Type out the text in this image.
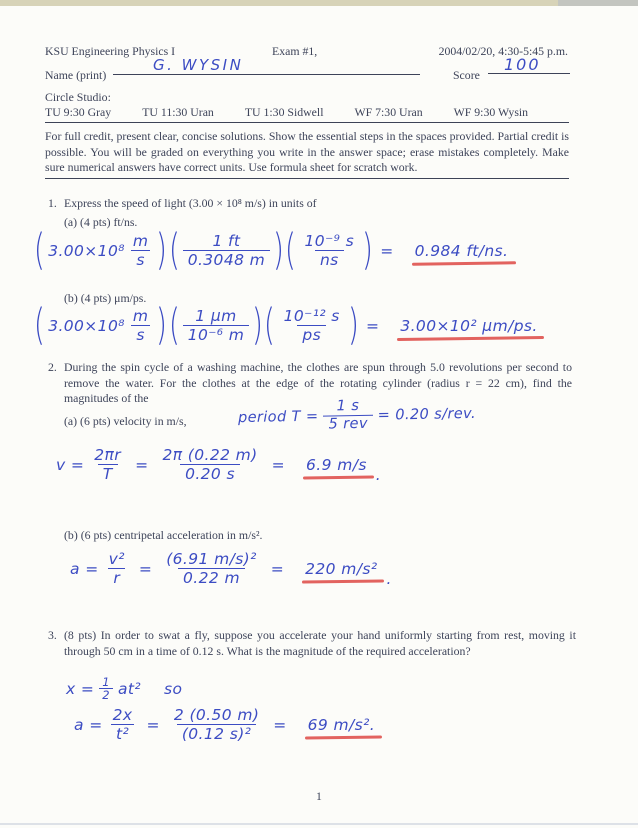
KSU Engineering Physics I	Exam #1,	2004/02/20, 4:30-5:45 p.m.
Name (print)
G. WYSIN
Score
100
Circle Studio:
TU 9:30 Gray	TU 11:30 Uran	TU 1:30 Sidwell	WF 7:30 Uran	WF 9:30 Wysin
For full credit, present clear, concise solutions. Show the essential steps in the spaces provided. Partial credit is possible. You will be graded on everything you write in the answer space; erase mistakes completely. Make sure numerical answers have correct units. Use formula sheet for scratch work.
1. Express the speed of light (3.00 × 10⁸ m/s) in units of
(a) (4 pts) ft/ns.
( $3.00\times 10^8 \frac{m}{s}$ ) ( $\frac{1 ft}{0.3048 m}$ ) ( $\frac{\text{10⁻⁹ s}}{ns}$ ) = 0.984 ft/ns.
(b) (4 pts) μm/ps.
( $3.00\times 10^8 \frac{m}{s}$ ) ( $\frac{1 \mu m}{\text{10⁻⁶ m}}$ ) ( $\frac{\text{10⁻¹² s}}{ps}$ ) = 3.00×10² μm/ps.
2. During the spin cycle of a washing machine, the clothes are spun through 5.0 revolutions per second to remove the water. For the clothes at the edge of the rotating cylinder (radius r = 22 cm), find the magnitudes of the
(a) (6 pts) velocity in m/s,	period $T = \frac{1 s}{\text{5 rev}} = 0.20$ s/rev.
$v = \frac{2\pi r}{T} = \frac{2\pi (0.22 m)}{0.20 s} = 6.9$ m/s
.
(b) (6 pts) centripetal acceleration in m/s².
$a = \frac{\text{v²}}{r} = \frac{\text{(6.91 m/s)²}}{0.22 m} = 220$ m/s²
.
3. (8 pts) In order to swat a fly, suppose you accelerate your hand uniformly starting from rest, moving it through 50 cm in a time of 0.12 s. What is the magnitude of the required acceleration?
$x = \frac{1}{2} at^2$ so
$a = \frac{2x}{\text{t²}} = \frac{2 (0.50 m)}{\text{(0.12 s)²}} = 69$ m/s².
1
